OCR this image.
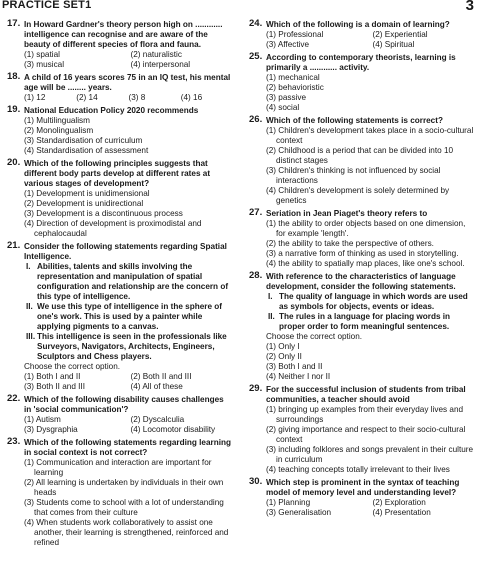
PRACTICE SET1	3
17. In Howard Gardner's theory person high on ............ intelligence can recognise and are aware of the beauty of different species of flora and fauna.
(1) spatial	(2) naturalistic
(3) musical	(4) interpersonal
18. A child of 16 years scores 75 in an IQ test, his mental age will be ........ years.
(1) 12	(2) 14	(3) 8	(4) 16
19. National Education Policy 2020 recommends
(1) Multilingualism
(2) Monolingualism
(3) Standardisation of curriculum
(4) Standardisation of assessment
20. Which of the following principles suggests that different body parts develop at different rates at various stages of development?
(1) Development is unidimensional
(2) Development is unidirectional
(3) Development is a discontinuous process
(4) Direction of development is proximodistal and cephalocaudal
21. Consider the following statements regarding Spatial Intelligence.
I. Abilities, talents and skills involving the representation and manipulation of spatial configuration and relationship are the concern of this type of intelligence.
II. We use this type of intelligence in the sphere of one's work. This is used by a painter while applying pigments to a canvas.
III. This intelligence is seen in the professionals like Surveyors, Navigators, Architects, Engineers, Sculptors and Chess players.
Choose the correct option.
(1) Both I and II	(2) Both II and III
(3) Both II and III	(4) All of these
22. Which of the following disability causes challenges in 'social communication'?
(1) Autism	(2) Dyscalculia
(3) Dysgraphia	(4) Locomotor disability
23. Which of the following statements regarding learning in social context is not correct?
(1) Communication and interaction are important for learning
(2) All learning is undertaken by individuals in their own heads
(3) Students come to school with a lot of understanding that comes from their culture
(4) When students work collaboratively to assist one another, their learning is strengthened, reinforced and refined
24. Which of the following is a domain of learning?
(1) Professional	(2) Experiential
(3) Affective	(4) Spiritual
25. According to contemporary theorists, learning is primarily a ............ activity.
(1) mechanical
(2) behavioristic
(3) passive
(4) social
26. Which of the following statements is correct?
(1) Children's development takes place in a socio-cultural context
(2) Childhood is a period that can be divided into 10 distinct stages
(3) Children's thinking is not influenced by social interactions
(4) Children's development is solely determined by genetics
27. Seriation in Jean Piaget's theory refers to
(1) the ability to order objects based on one dimension, for example 'length'.
(2) the ability to take the perspective of others.
(3) a narrative form of thinking as used in storytelling.
(4) the ability to spatially map places, like one's school.
28. With reference to the characteristics of language development, consider the following statements.
I. The quality of language in which words are used as symbols for objects, events or ideas.
II. The rules in a language for placing words in proper order to form meaningful sentences.
Choose the correct option.
(1) Only I
(2) Only II
(3) Both I and II
(4) Neither I nor II
29. For the successful inclusion of students from tribal communities, a teacher should avoid
(1) bringing up examples from their everyday lives and surroundings
(2) giving importance and respect to their socio-cultural context
(3) including folklores and songs prevalent in their culture in curriculum
(4) teaching concepts totally irrelevant to their lives
30. Which step is prominent in the syntax of teaching model of memory level and understanding level?
(1) Planning	(2) Exploration
(3) Generalisation	(4) Presentation
